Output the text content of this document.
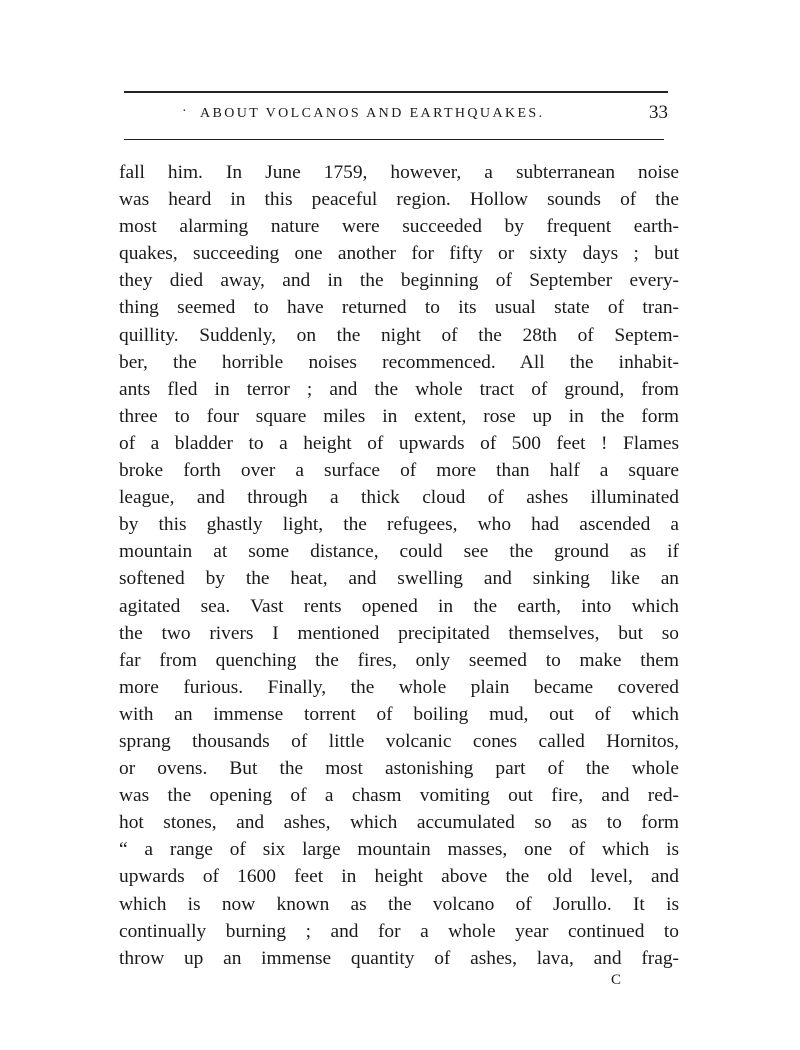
· ABOUT VOLCANOS AND EARTHQUAKES.	33
fall him. In June 1759, however, a subterranean noise
was heard in this peaceful region. Hollow sounds of the
most alarming nature were succeeded by frequent earth-
quakes, succeeding one another for fifty or sixty days ; but
they died away, and in the beginning of September every-
thing seemed to have returned to its usual state of tran-
quillity. Suddenly, on the night of the 28th of Septem-
ber, the horrible noises recommenced. All the inhabit-
ants fled in terror ; and the whole tract of ground, from
three to four square miles in extent, rose up in the form
of a bladder to a height of upwards of 500 feet ! Flames
broke forth over a surface of more than half a square
league, and through a thick cloud of ashes illuminated
by this ghastly light, the refugees, who had ascended a
mountain at some distance, could see the ground as if
softened by the heat, and swelling and sinking like an
agitated sea. Vast rents opened in the earth, into which
the two rivers I mentioned precipitated themselves, but so
far from quenching the fires, only seemed to make them
more furious. Finally, the whole plain became covered
with an immense torrent of boiling mud, out of which
sprang thousands of little volcanic cones called Hornitos,
or ovens. But the most astonishing part of the whole
was the opening of a chasm vomiting out fire, and red-
hot stones, and ashes, which accumulated so as to form
“ a range of six large mountain masses, one of which is
upwards of 1600 feet in height above the old level, and
which is now known as the volcano of Jorullo. It is
continually burning ; and for a whole year continued to
throw up an immense quantity of ashes, lava, and frag-
C
